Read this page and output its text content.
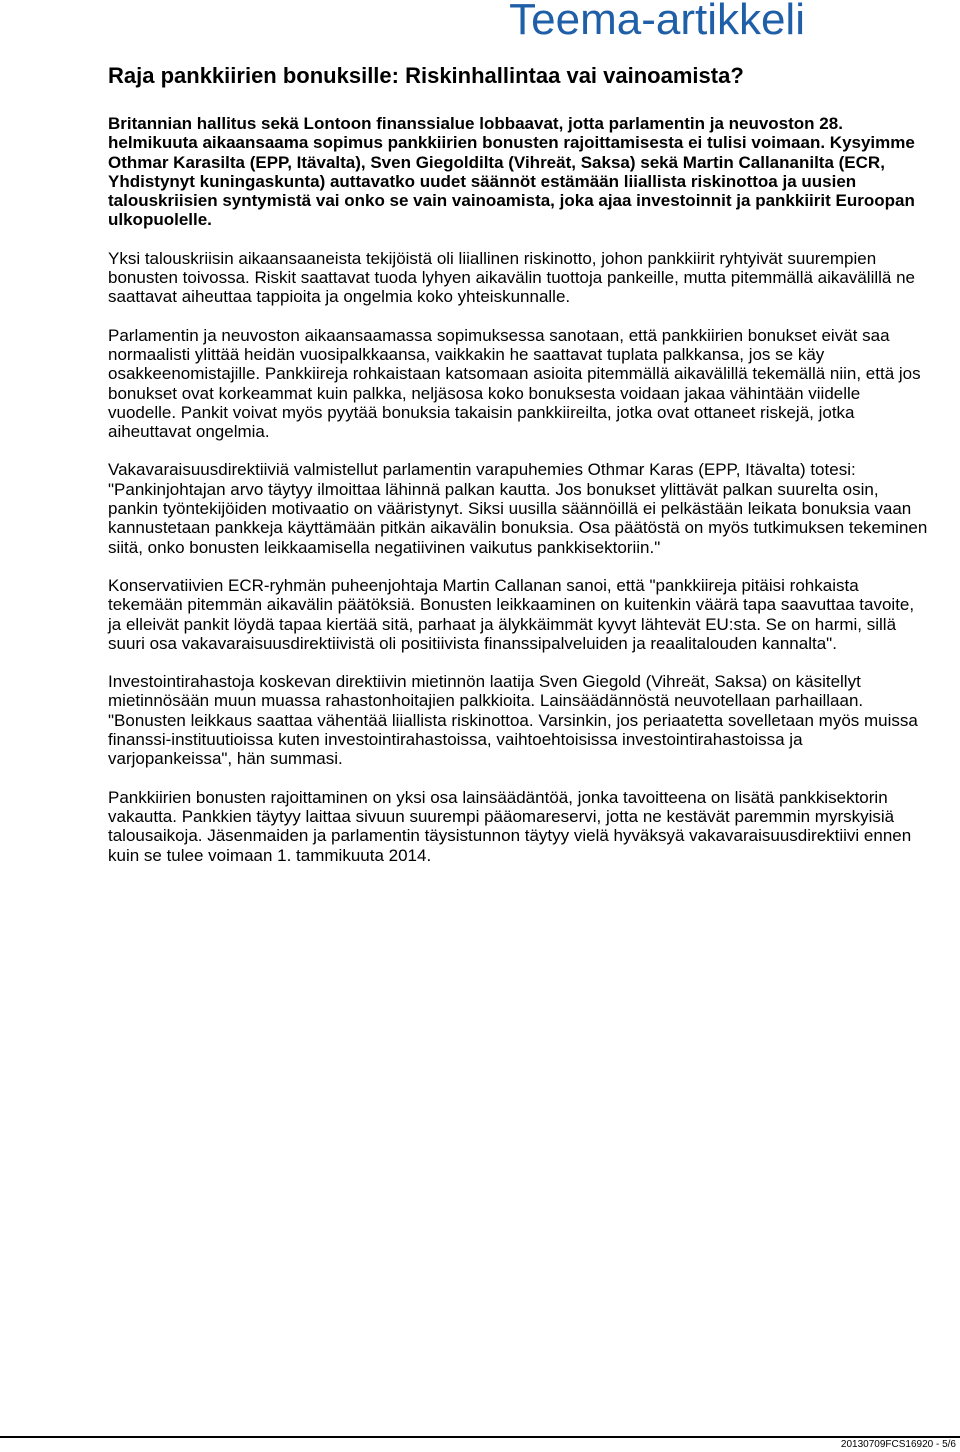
Teema-artikkeli
Raja pankkiirien bonuksille: Riskinhallintaa vai vainoamista?

Britannian hallitus sekä Lontoon finanssialue lobbaavat, jotta parlamentin ja neuvoston 28. helmikuuta aikaansaama sopimus pankkiirien bonusten rajoittamisesta ei tulisi voimaan. Kysyimme Othmar Karasilta (EPP, Itävalta), Sven Giegoldilta (Vihreät, Saksa) sekä Martin Callananilta (ECR, Yhdistynyt kuningaskunta) auttavatko uudet säännöt estämään liiallista riskinottoa ja uusien talouskriisien syntymistä vai onko se vain vainoamista, joka ajaa investoinnit ja pankkiirit Euroopan ulkopuolelle.

Yksi talouskriisin aikaansaaneista tekijöistä oli liiallinen riskinotto, johon pankkiirit ryhtyivät suurempien bonusten toivossa. Riskit saattavat tuoda lyhyen aikavälin tuottoja pankeille, mutta pitemmällä aikavälillä ne saattavat aiheuttaa tappioita ja ongelmia koko yhteiskunnalle.

Parlamentin ja neuvoston aikaansaamassa sopimuksessa sanotaan, että pankkiirien bonukset eivät saa normaalisti ylittää heidän vuosipalkkaansa, vaikkakin he saattavat tuplata palkkansa, jos se käy osakkeenomistajille. Pankkiireja rohkaistaan katsomaan asioita pitemmällä aikavälillä tekemällä niin, että jos bonukset ovat korkeammat kuin palkka, neljäsosa koko bonuksesta voidaan jakaa vähintään viidelle vuodelle. Pankit voivat myös pyytää bonuksia takaisin pankkiireilta, jotka ovat ottaneet riskejä, jotka aiheuttavat ongelmia.

Vakavaraisuusdirektiiviä valmistellut parlamentin varapuhemies Othmar Karas (EPP, Itävalta) totesi: "Pankinjohtajan arvo täytyy ilmoittaa lähinnä palkan kautta. Jos bonukset ylittävät palkan suurelta osin, pankin työntekijöiden motivaatio on vääristynyt. Siksi uusilla säännöillä ei pelkästään leikata bonuksia vaan kannustetaan pankkeja käyttämään pitkän aikavälin bonuksia. Osa päätöstä on myös tutkimuksen tekeminen siitä, onko bonusten leikkaamisella negatiivinen vaikutus pankkisektoriin."

Konservatiivien ECR-ryhmän puheenjohtaja Martin Callanan sanoi, että "pankkiireja pitäisi rohkaista tekemään pitemmän aikavälin päätöksiä. Bonusten leikkaaminen on kuitenkin väärä tapa saavuttaa tavoite, ja elleivät pankit löydä tapaa kiertää sitä, parhaat ja älykkäimmät kyvyt lähtevät EU:sta. Se on harmi, sillä suuri osa vakavaraisuusdirektiivistä oli positiivista finanssipalveluiden ja reaalitalouden kannalta".

Investointirahastoja koskevan direktiivin mietinnön laatija Sven Giegold (Vihreät, Saksa) on käsitellyt mietinnösään muun muassa rahastonhoitajien palkkioita. Lainsäädännöstä neuvotellaan parhaillaan. "Bonusten leikkaus saattaa vähentää liiallista riskinottoa. Varsinkin, jos periaatetta sovelletaan myös muissa finanssi-instituutioissa kuten investointirahastoissa, vaihtoehtoisissa investointirahastoissa ja varjopankeissa", hän summasi.

Pankkiirien bonusten rajoittaminen on yksi osa lainsäädäntöä, jonka tavoitteena on lisätä pankkisektorin vakautta. Pankkien täytyy laittaa sivuun suurempi pääomareservi, jotta ne kestävät paremmin myrskyisiä talousaikoja. Jäsenmaiden ja parlamentin täysistunnon täytyy vielä hyväksyä vakavaraisuusdirektiivi ennen kuin se tulee voimaan 1. tammikuuta 2014.

20130709FCS16920 - 5/6
